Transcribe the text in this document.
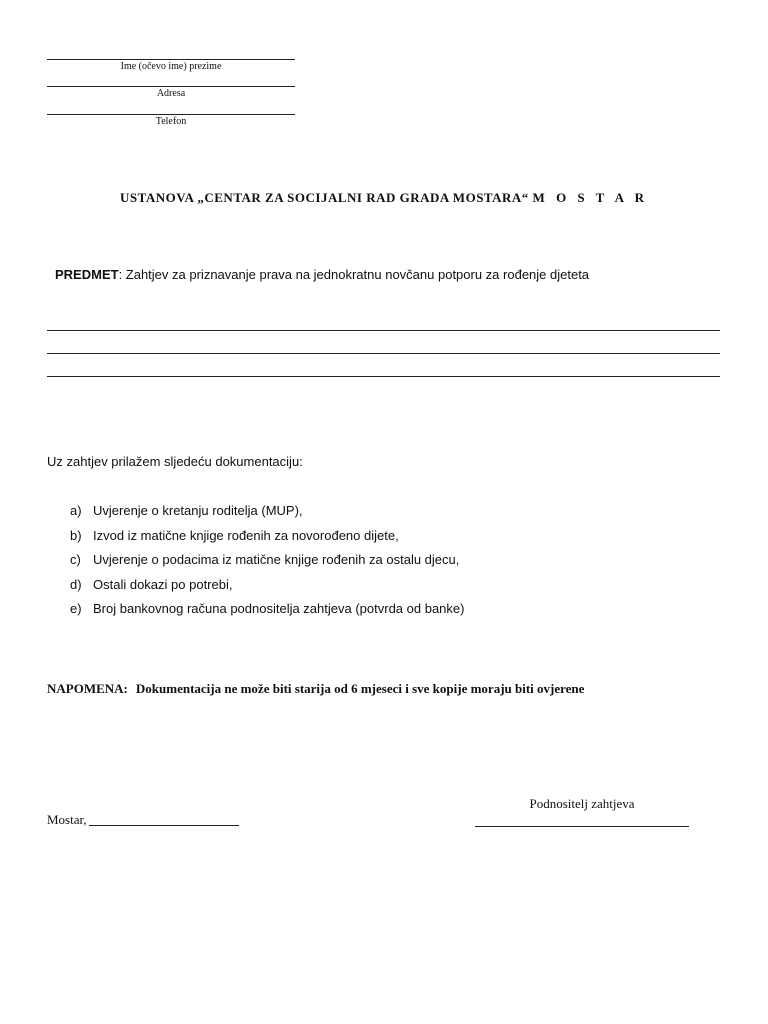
Ime (očevo ime) prezime
Adresa
Telefon
USTANOVA „CENTAR ZA SOCIJALNI RAD GRADA MOSTARA“ M O S T A R
PREDMET: Zahtjev za priznavanje prava na jednokratnu novčanu potporu za rođenje djeteta
Uz zahtjev prilažem sljedeću dokumentaciju:
a) Uvjerenje o kretanju roditelja (MUP),
b) Izvod iz matične knjige rođenih za novorođeno dijete,
c) Uvjerenje o podacima iz matične knjige rođenih za ostalu djecu,
d) Ostali dokazi po potrebi,
e) Broj bankovnog računa podnositelja zahtjeva (potvrda od banke)
NAPOMENA: Dokumentacija ne može biti starija od 6 mjeseci i sve kopije moraju biti ovjerene
Podnositelj zahtjeva
Mostar,
